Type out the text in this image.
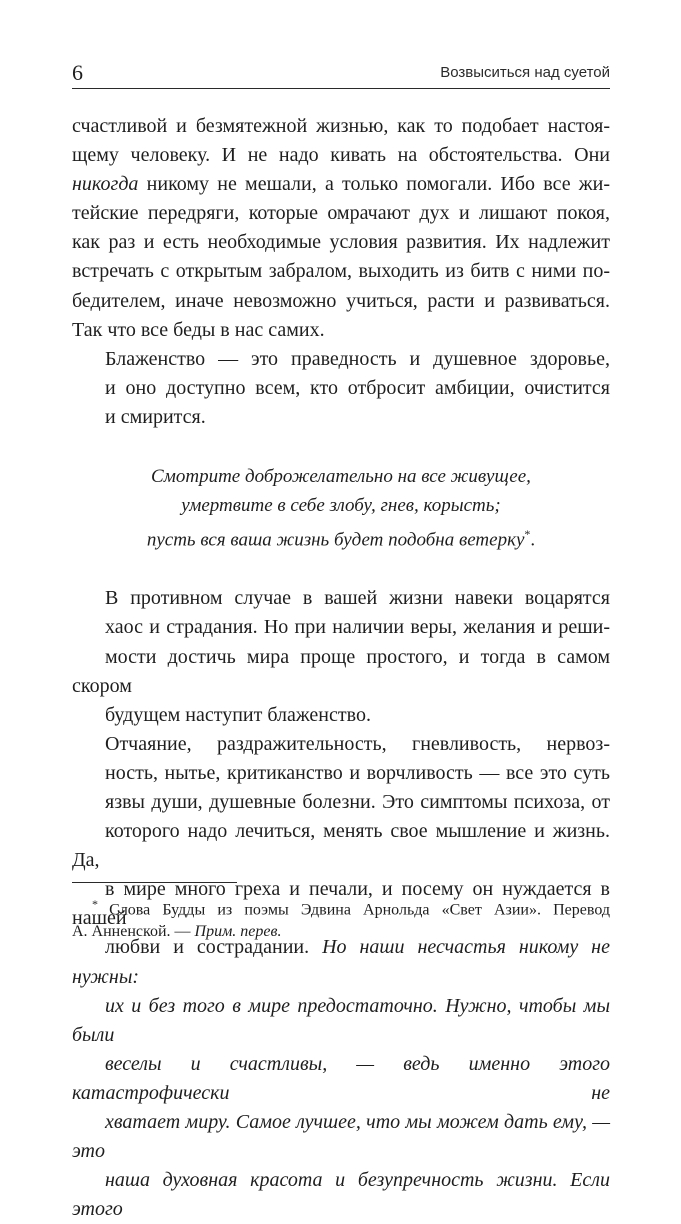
6	Возвыситься над суетой

счастливой и безмятежной жизнью, как то подобает настоя-
щему человеку. И не надо кивать на обстоятельства. Они
никогда никому не мешали, а только помогали. Ибо все жи-
тейские передряги, которые омрачают дух и лишают покоя,
как раз и есть необходимые условия развития. Их надлежит
встречать с открытым забралом, выходить из битв с ними по-
бедителем, иначе невозможно учиться, расти и развиваться.
Так что все беды в нас самих.

Блаженство — это праведность и душевное здоровье,
и оно доступно всем, кто отбросит амбиции, очистится
и смирится.

Смотрите доброжелательно на все живущее,
умертвите в себе злобу, гнев, корысть;
пусть вся ваша жизнь будет подобна ветерку*.

В противном случае в вашей жизни навеки воцарятся
хаос и страдания. Но при наличии веры, желания и реши-
мости достичь мира проще простого, и тогда в самом скором
будущем наступит блаженство.

Отчаяние, раздражительность, гневливость, нервоз-
ность, нытье, критиканство и ворчливость — все это суть
язвы души, душевные болезни. Это симптомы психоза, от
которого надо лечиться, менять свое мышление и жизнь. Да,
в мире много греха и печали, и посему он нуждается в нашей
любви и сострадании. Но наши несчастья никому не нужны:
их и без того в мире предостаточно. Нужно, чтобы мы были
веселы и счастливы, — ведь именно этого катастрофически не
хватает миру. Самое лучшее, что мы можем дать ему, — это
наша духовная красота и безупречность жизни. Если этого

* Слова Будды из поэмы Эдвина Арнольда «Свет Азии». Перевод
А. Анненской. — Прим. перев.
